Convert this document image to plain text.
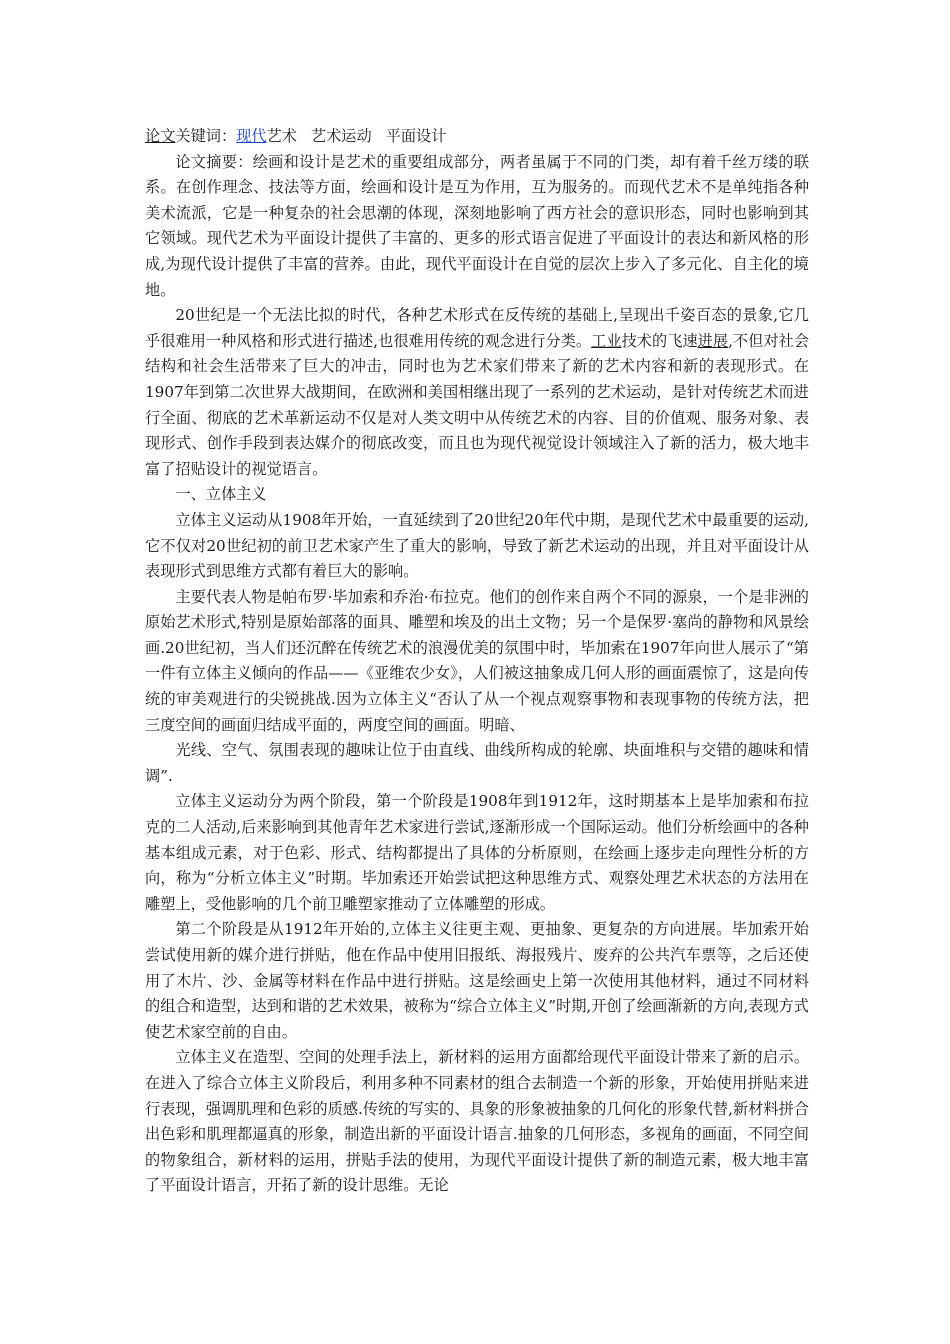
论文关键词：现代艺术 艺术运动 平面设计

论文摘要：绘画和设计是艺术的重要组成部分，两者虽属于不同的门类，却有着千丝万缕的联系。在创作理念、技法等方面，绘画和设计是互为作用，互为服务的。而现代艺术不是单纯指各种美术流派，它是一种复杂的社会思潮的体现，深刻地影响了西方社会的意识形态，同时也影响到其它领域。现代艺术为平面设计提供了丰富的、更多的形式语言促进了平面设计的表达和新风格的形成,为现代设计提供了丰富的营养。由此，现代平面设计在自觉的层次上步入了多元化、自主化的境地。

20世纪是一个无法比拟的时代，各种艺术形式在反传统的基础上,呈现出千姿百态的景象,它几乎很难用一种风格和形式进行描述,也很难用传统的观念进行分类。工业技术的飞速进展,不但对社会结构和社会生活带来了巨大的冲击，同时也为艺术家们带来了新的艺术内容和新的表现形式。在1907年到第二次世界大战期间，在欧洲和美国相继出现了一系列的艺术运动，是针对传统艺术而进行全面、彻底的艺术革新运动不仅是对人类文明中从传统艺术的内容、目的价值观、服务对象、表现形式、创作手段到表达媒介的彻底改变，而且也为现代视觉设计领域注入了新的活力，极大地丰富了招贴设计的视觉语言。

一、立体主义

立体主义运动从1908年开始，一直延续到了20世纪20年代中期，是现代艺术中最重要的运动,它不仅对20世纪初的前卫艺术家产生了重大的影响，导致了新艺术运动的出现，并且对平面设计从表现形式到思维方式都有着巨大的影响。

主要代表人物是帕布罗·毕加索和乔治·布拉克。他们的创作来自两个不同的源泉，一个是非洲的原始艺术形式,特别是原始部落的面具、雕塑和埃及的出土文物；另一个是保罗·塞尚的静物和风景绘画.20世纪初，当人们还沉醉在传统艺术的浪漫优美的氛围中时，毕加索在1907年向世人展示了“第一件有立体主义倾向的作品——《亚维农少女》，人们被这抽象成几何人形的画面震惊了，这是向传统的审美观进行的尖锐挑战.因为立体主义“否认了从一个视点观察事物和表现事物的传统方法，把三度空间的画面归结成平面的，两度空间的画面。明暗、

光线、空气、氛围表现的趣味让位于由直线、曲线所构成的轮廓、块面堆积与交错的趣味和情调”.

立体主义运动分为两个阶段，第一个阶段是1908年到1912年，这时期基本上是毕加索和布拉克的二人活动,后来影响到其他青年艺术家进行尝试,逐渐形成一个国际运动。他们分析绘画中的各种基本组成元素，对于色彩、形式、结构都提出了具体的分析原则，在绘画上逐步走向理性分析的方向，称为“分析立体主义”时期。毕加索还开始尝试把这种思维方式、观察处理艺术状态的方法用在雕塑上，受他影响的几个前卫雕塑家推动了立体雕塑的形成。

第二个阶段是从1912年开始的,立体主义往更主观、更抽象、更复杂的方向进展。毕加索开始尝试使用新的媒介进行拼贴，他在作品中使用旧报纸、海报残片、废弃的公共汽车票等，之后还使用了木片、沙、金属等材料在作品中进行拼贴。这是绘画史上第一次使用其他材料，通过不同材料的组合和造型，达到和谐的艺术效果，被称为“综合立体主义”时期,开创了绘画渐新的方向,表现方式使艺术家空前的自由。

立体主义在造型、空间的处理手法上，新材料的运用方面都给现代平面设计带来了新的启示。在进入了综合立体主义阶段后，利用多种不同素材的组合去制造一个新的形象，开始使用拼贴来进行表现，强调肌理和色彩的质感.传统的写实的、具象的形象被抽象的几何化的形象代替,新材料拼合出色彩和肌理都逼真的形象，制造出新的平面设计语言.抽象的几何形态，多视角的画面，不同空间的物象组合，新材料的运用，拼贴手法的使用，为现代平面设计提供了新的制造元素，极大地丰富了平面设计语言，开拓了新的设计思维。无论
